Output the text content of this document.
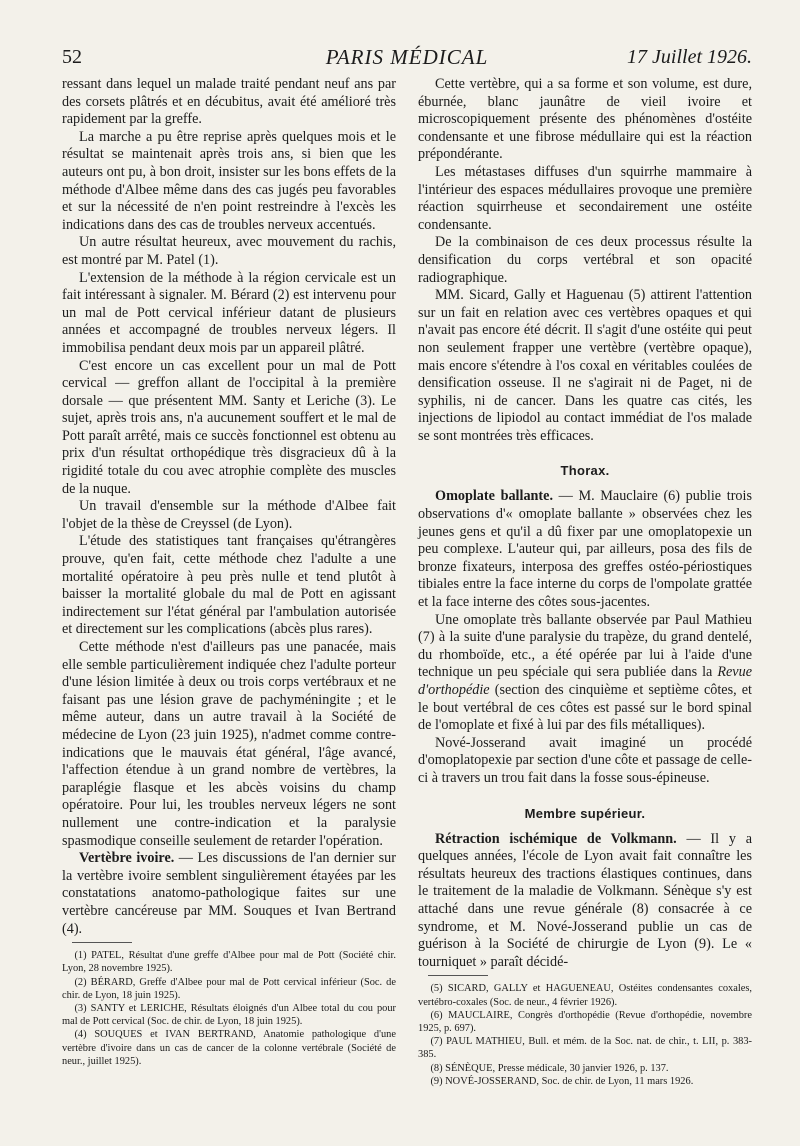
52	PARIS MÉDICAL	17 Juillet 1926.

ressant dans lequel un malade traité pendant neuf ans par des corsets plâtrés et en décubitus, avait été amélioré très rapidement par la greffe.

La marche a pu être reprise après quelques mois et le résultat se maintenait après trois ans, si bien que les auteurs ont pu, à bon droit, insister sur les bons effets de la méthode d'Albee même dans des cas jugés peu favorables et sur la nécessité de n'en point restreindre à l'excès les indications dans des cas de troubles nerveux accentués.

Un autre résultat heureux, avec mouvement du rachis, est montré par M. Patel (1).

L'extension de la méthode à la région cervicale est un fait intéressant à signaler. M. Bérard (2) est intervenu pour un mal de Pott cervical inférieur datant de plusieurs années et accompagné de troubles nerveux légers. Il immobilisa pendant deux mois par un appareil plâtré.

C'est encore un cas excellent pour un mal de Pott cervical — greffon allant de l'occipital à la première dorsale — que présentent MM. Santy et Leriche (3). Le sujet, après trois ans, n'a aucunement souffert et le mal de Pott paraît arrêté, mais ce succès fonctionnel est obtenu au prix d'un résultat orthopédique très disgracieux dû à la rigidité totale du cou avec atrophie complète des muscles de la nuque.

Un travail d'ensemble sur la méthode d'Albee fait l'objet de la thèse de Creyssel (de Lyon).

L'étude des statistiques tant françaises qu'étrangères prouve, qu'en fait, cette méthode chez l'adulte a une mortalité opératoire à peu près nulle et tend plutôt à baisser la mortalité globale du mal de Pott en agissant indirectement sur l'état général par l'ambulation autorisée et directement sur les complications (abcès plus rares).

Cette méthode n'est d'ailleurs pas une panacée, mais elle semble particulièrement indiquée chez l'adulte porteur d'une lésion limitée à deux ou trois corps vertébraux et ne faisant pas une lésion grave de pachyméningite ; et le même auteur, dans un autre travail à la Société de médecine de Lyon (23 juin 1925), n'admet comme contre-indications que le mauvais état général, l'âge avancé, l'affection étendue à un grand nombre de vertèbres, la paraplégie flasque et les abcès voisins du champ opératoire. Pour lui, les troubles nerveux légers ne sont nullement une contre-indication et la paralysie spasmodique conseille seulement de retarder l'opération.

Vertèbre ivoire. — Les discussions de l'an dernier sur la vertèbre ivoire semblent singulièrement étayées par les constatations anatomo-pathologique faites sur une vertèbre cancéreuse par MM. Souques et Ivan Bertrand (4).

(1) PATEL, Résultat d'une greffe d'Albee pour mal de Pott (Société chir. Lyon, 28 novembre 1925).

(2) BÉRARD, Greffe d'Albee pour mal de Pott cervical inférieur (Soc. de chir. de Lyon, 18 juin 1925).

(3) SANTY et LERICHE, Résultats éloignés d'un Albee total du cou pour mal de Pott cervical (Soc. de chir. de Lyon, 18 juin 1925).

(4) SOUQUES et IVAN BERTRAND, Anatomie pathologique d'une vertèbre d'ivoire dans un cas de cancer de la colonne vertébrale (Société de neur., juillet 1925).

Cette vertèbre, qui a sa forme et son volume, est dure, éburnée, blanc jaunâtre de vieil ivoire et microscopiquement présente des phénomènes d'ostéite condensante et une fibrose médullaire qui est la réaction prépondérante.

Les métastases diffuses d'un squirrhe mammaire à l'intérieur des espaces médullaires provoque une première réaction squirrheuse et secondairement une ostéite condensante.

De la combinaison de ces deux processus résulte la densification du corps vertébral et son opacité radiographique.

MM. Sicard, Gally et Haguenau (5) attirent l'attention sur un fait en relation avec ces vertèbres opaques et qui n'avait pas encore été décrit. Il s'agit d'une ostéite qui peut non seulement frapper une vertèbre (vertèbre opaque), mais encore s'étendre à l'os coxal en véritables coulées de densification osseuse. Il ne s'agirait ni de Paget, ni de syphilis, ni de cancer. Dans les quatre cas cités, les injections de lipiodol au contact immédiat de l'os malade se sont montrées très efficaces.

Thorax.

Omoplate ballante. — M. Mauclaire (6) publie trois observations d'« omoplate ballante » observées chez les jeunes gens et qu'il a dû fixer par une omoplatopexie un peu complexe. L'auteur qui, par ailleurs, posa des fils de bronze fixateurs, interposa des greffes ostéo-périostiques tibiales entre la face interne du corps de l'ompolate grattée et la face interne des côtes sous-jacentes.

Une omoplate très ballante observée par Paul Mathieu (7) à la suite d'une paralysie du trapèze, du grand dentelé, du rhomboïde, etc., a été opérée par lui à l'aide d'une technique un peu spéciale qui sera publiée dans la Revue d'orthopédie (section des cinquième et septième côtes, et le bout vertébral de ces côtes est passé sur le bord spinal de l'omoplate et fixé à lui par des fils métalliques).

Nové-Josserand avait imaginé un procédé d'omoplatopexie par section d'une côte et passage de celle-ci à travers un trou fait dans la fosse sous-épineuse.

Membre supérieur.

Rétraction ischémique de Volkmann. — Il y a quelques années, l'école de Lyon avait fait connaître les résultats heureux des tractions élastiques continues, dans le traitement de la maladie de Volkmann. Sénèque s'y est attaché dans une revue générale (8) consacrée à ce syndrome, et M. Nové-Josserand publie un cas de guérison à la Société de chirurgie de Lyon (9). Le « tourniquet » paraît décidé-

(5) SICARD, GALLY et HAGUENEAU, Ostéites condensantes coxales, vertébro-coxales (Soc. de neur., 4 février 1926).

(6) MAUCLAIRE, Congrès d'orthopédie (Revue d'orthopédie, novembre 1925, p. 697).

(7) PAUL MATHIEU, Bull. et mém. de la Soc. nat. de chir., t. LII, p. 383-385.

(8) SÉNÈQUE, Presse médicale, 30 janvier 1926, p. 137.

(9) NOVÉ-JOSSERAND, Soc. de chir. de Lyon, 11 mars 1926.
